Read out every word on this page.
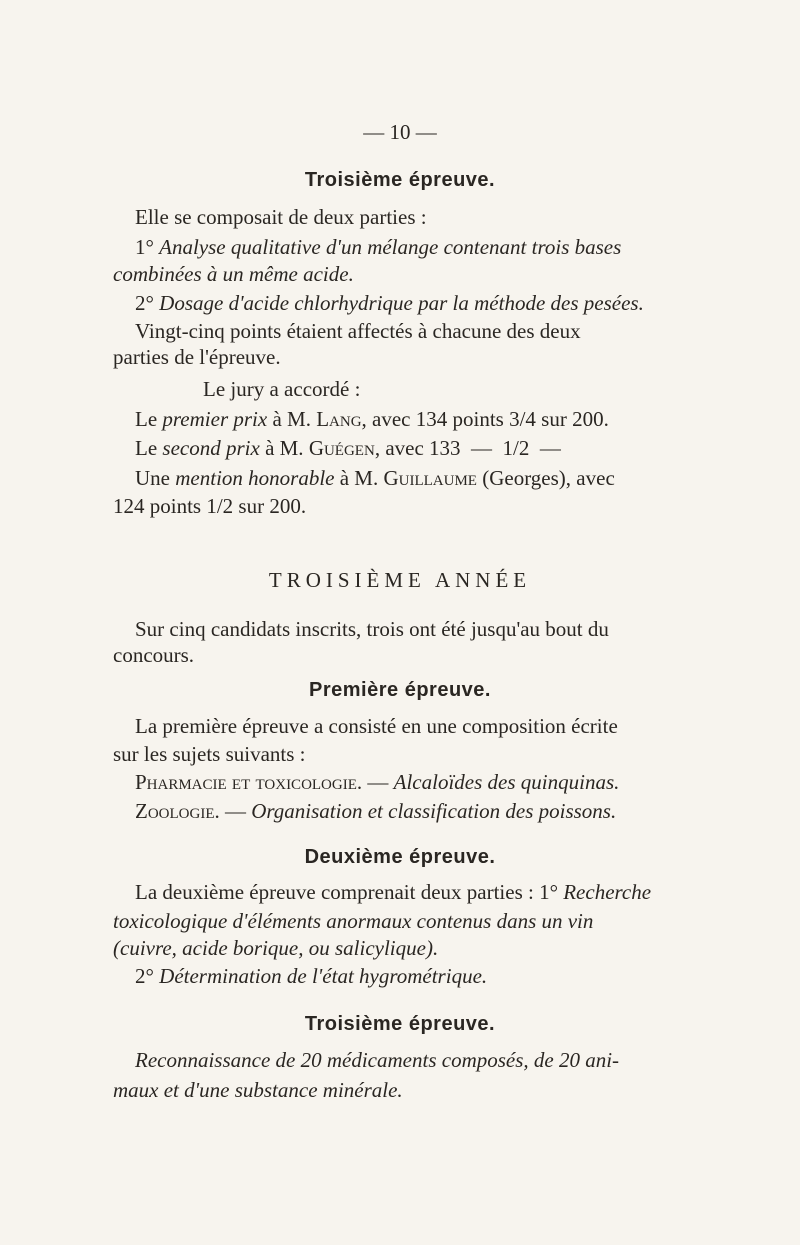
— 10 —
Troisième épreuve.
Elle se composait de deux parties :
1° Analyse qualitative d'un mélange contenant trois bases
combinées à un même acide.
2° Dosage d'acide chlorhydrique par la méthode des pesées.
Vingt-cinq points étaient affectés à chacune des deux
parties de l'épreuve.
Le jury a accordé :
Le premier prix à M. Lang, avec 134 points 3/4 sur 200.
Le second prix à M. Guégen, avec 133  —  1/2  —
Une mention honorable à M. Guillaume (Georges), avec
124 points 1/2 sur 200.
TROISIÈME ANNÉE
Sur cinq candidats inscrits, trois ont été jusqu'au bout du
concours.
Première épreuve.
La première épreuve a consisté en une composition écrite
sur les sujets suivants :
Pharmacie et toxicologie. — Alcaloïdes des quinquinas.
Zoologie. — Organisation et classification des poissons.
Deuxième épreuve.
La deuxième épreuve comprenait deux parties : 1° Recherche
toxicologique d'éléments anormaux contenus dans un vin
(cuivre, acide borique, ou salicylique).
2° Détermination de l'état hygrométrique.
Troisième épreuve.
Reconnaissance de 20 médicaments composés, de 20 ani-
maux et d'une substance minérale.
